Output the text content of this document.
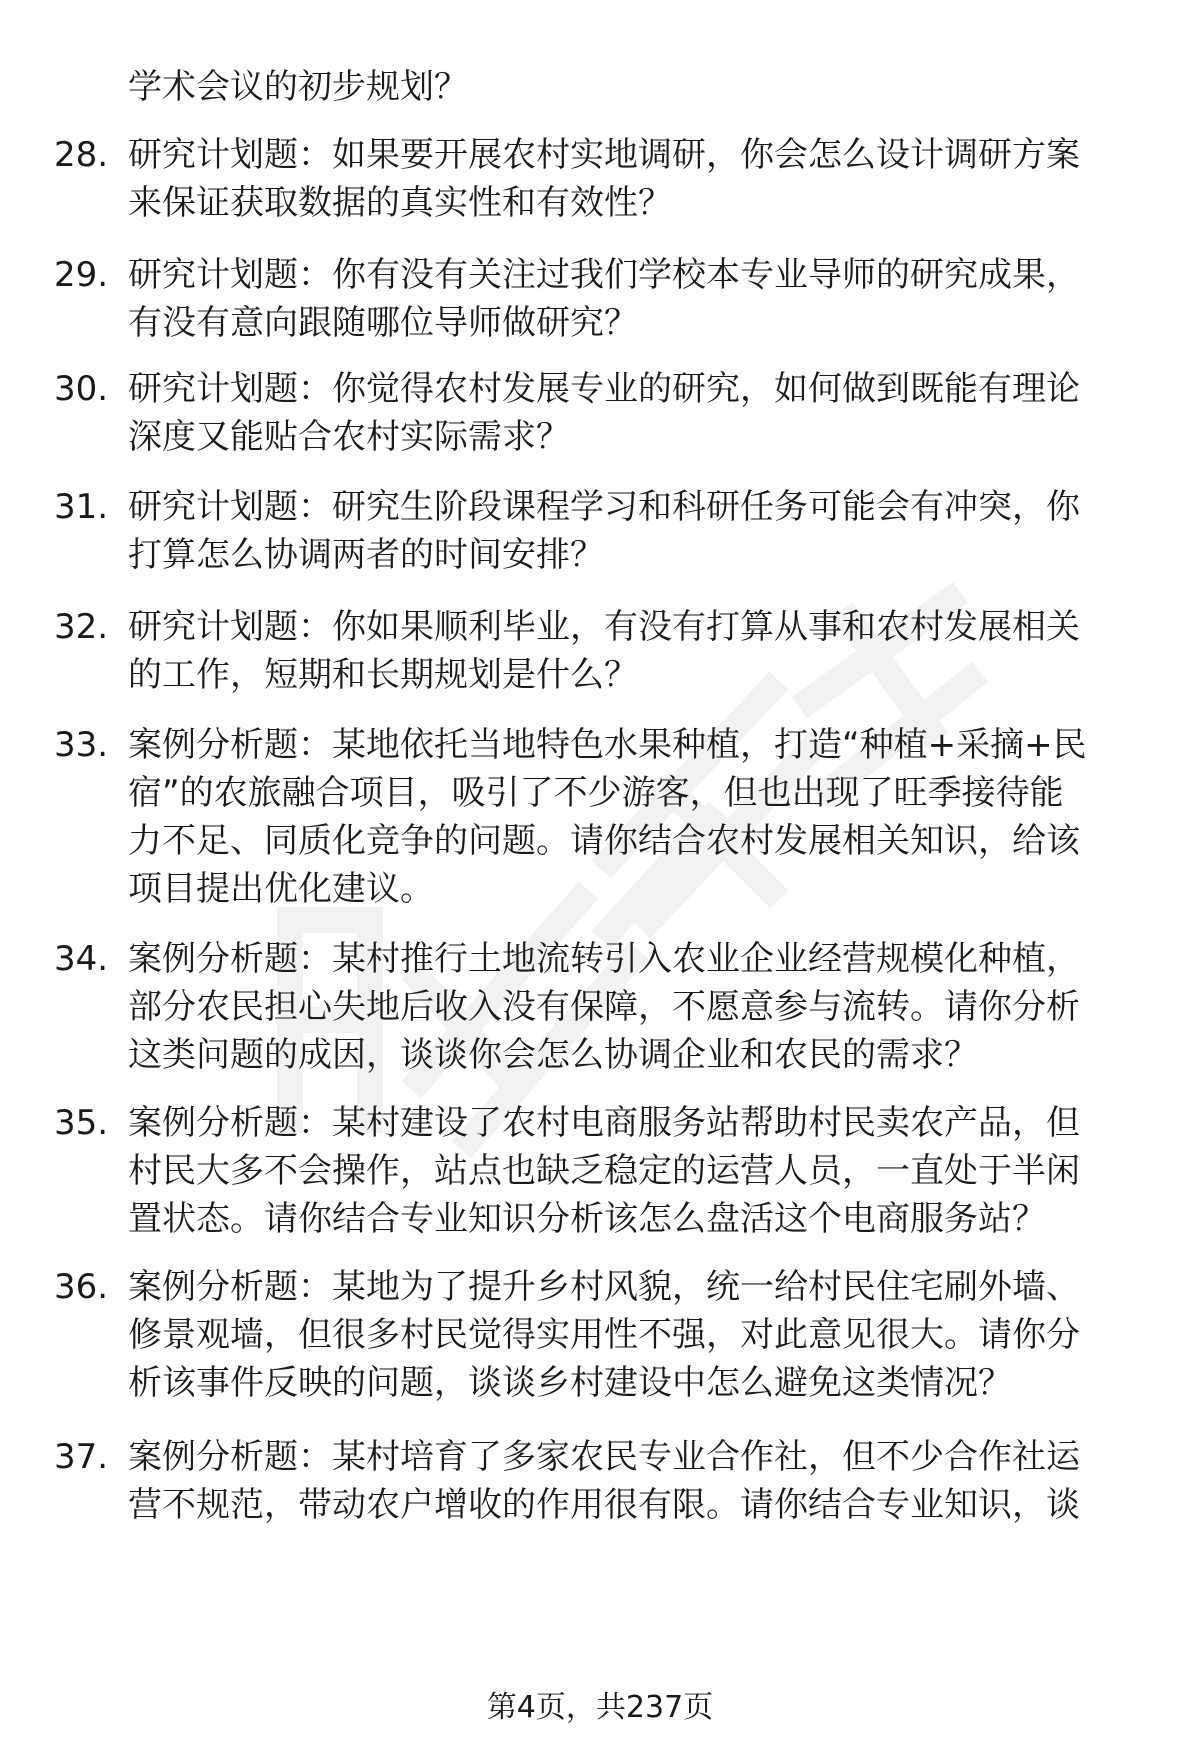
学术会议的初步规划？
28. 研究计划题：如果要开展农村实地调研，你会怎么设计调研方案
来保证获取数据的真实性和有效性？
29. 研究计划题：你有没有关注过我们学校本专业导师的研究成果，
有没有意向跟随哪位导师做研究？
30. 研究计划题：你觉得农村发展专业的研究，如何做到既能有理论
深度又能贴合农村实际需求？
31. 研究计划题：研究生阶段课程学习和科研任务可能会有冲突，你
打算怎么协调两者的时间安排？
32. 研究计划题：你如果顺利毕业，有没有打算从事和农村发展相关
的工作，短期和长期规划是什么？
33. 案例分析题：某地依托当地特色水果种植，打造“种植+采摘+民
宿”的农旅融合项目，吸引了不少游客，但也出现了旺季接待能
力不足、同质化竞争的问题。请你结合农村发展相关知识，给该
项目提出优化建议。
34. 案例分析题：某村推行土地流转引入农业企业经营规模化种植，
部分农民担心失地后收入没有保障，不愿意参与流转。请你分析
这类问题的成因，谈谈你会怎么协调企业和农民的需求？
35. 案例分析题：某村建设了农村电商服务站帮助村民卖农产品，但
村民大多不会操作，站点也缺乏稳定的运营人员，一直处于半闲
置状态。请你结合专业知识分析该怎么盘活这个电商服务站？
36. 案例分析题：某地为了提升乡村风貌，统一给村民住宅刷外墙、
修景观墙，但很多村民觉得实用性不强，对此意见很大。请你分
析该事件反映的问题，谈谈乡村建设中怎么避免这类情况？
37. 案例分析题：某村培育了多家农民专业合作社，但不少合作社运
营不规范，带动农户增收的作用很有限。请你结合专业知识，谈
第4页，共237页
